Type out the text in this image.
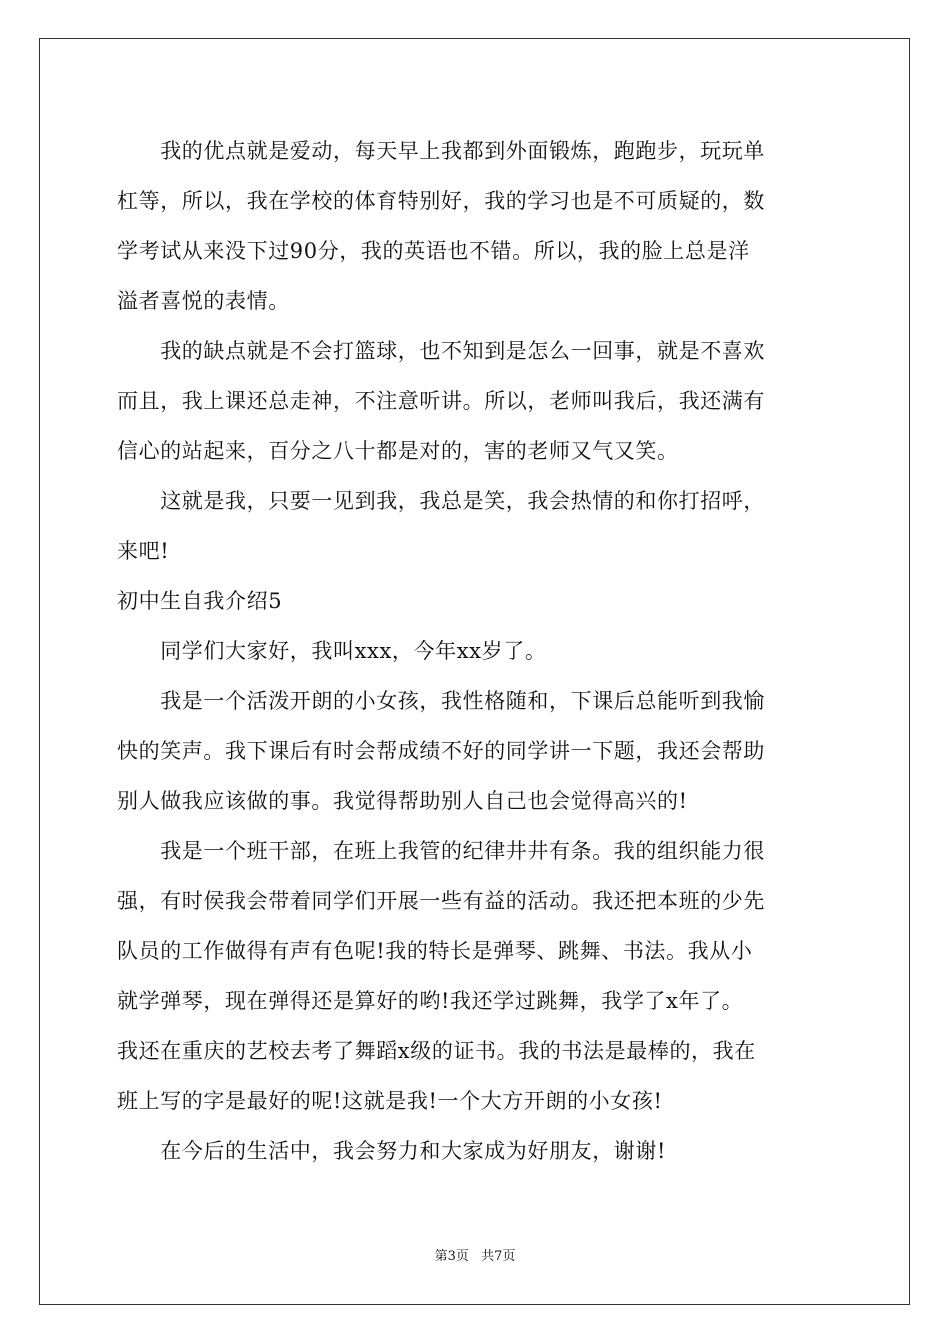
　　我的优点就是爱动，每天早上我都到外面锻炼，跑跑步，玩玩单
杠等，所以，我在学校的体育特别好，我的学习也是不可质疑的，数
学考试从来没下过90分，我的英语也不错。所以，我的脸上总是洋
溢者喜悦的表情。
　　我的缺点就是不会打篮球，也不知到是怎么一回事，就是不喜欢
而且，我上课还总走神，不注意听讲。所以，老师叫我后，我还满有
信心的站起来，百分之八十都是对的，害的老师又气又笑。
　　这就是我，只要一见到我，我总是笑，我会热情的和你打招呼，
来吧!
初中生自我介绍5
　　同学们大家好，我叫xxx，今年xx岁了。
　　我是一个活泼开朗的小女孩，我性格随和，下课后总能听到我愉
快的笑声。我下课后有时会帮成绩不好的同学讲一下题，我还会帮助
别人做我应该做的事。我觉得帮助别人自己也会觉得高兴的!
　　我是一个班干部，在班上我管的纪律井井有条。我的组织能力很
强，有时侯我会带着同学们开展一些有益的活动。我还把本班的少先
队员的工作做得有声有色呢!我的特长是弹琴、跳舞、书法。我从小
就学弹琴，现在弹得还是算好的哟!我还学过跳舞，我学了x年了。
我还在重庆的艺校去考了舞蹈x级的证书。我的书法是最棒的，我在
班上写的字是最好的呢!这就是我!一个大方开朗的小女孩!
　　在今后的生活中，我会努力和大家成为好朋友，谢谢!
第3页 共7页
